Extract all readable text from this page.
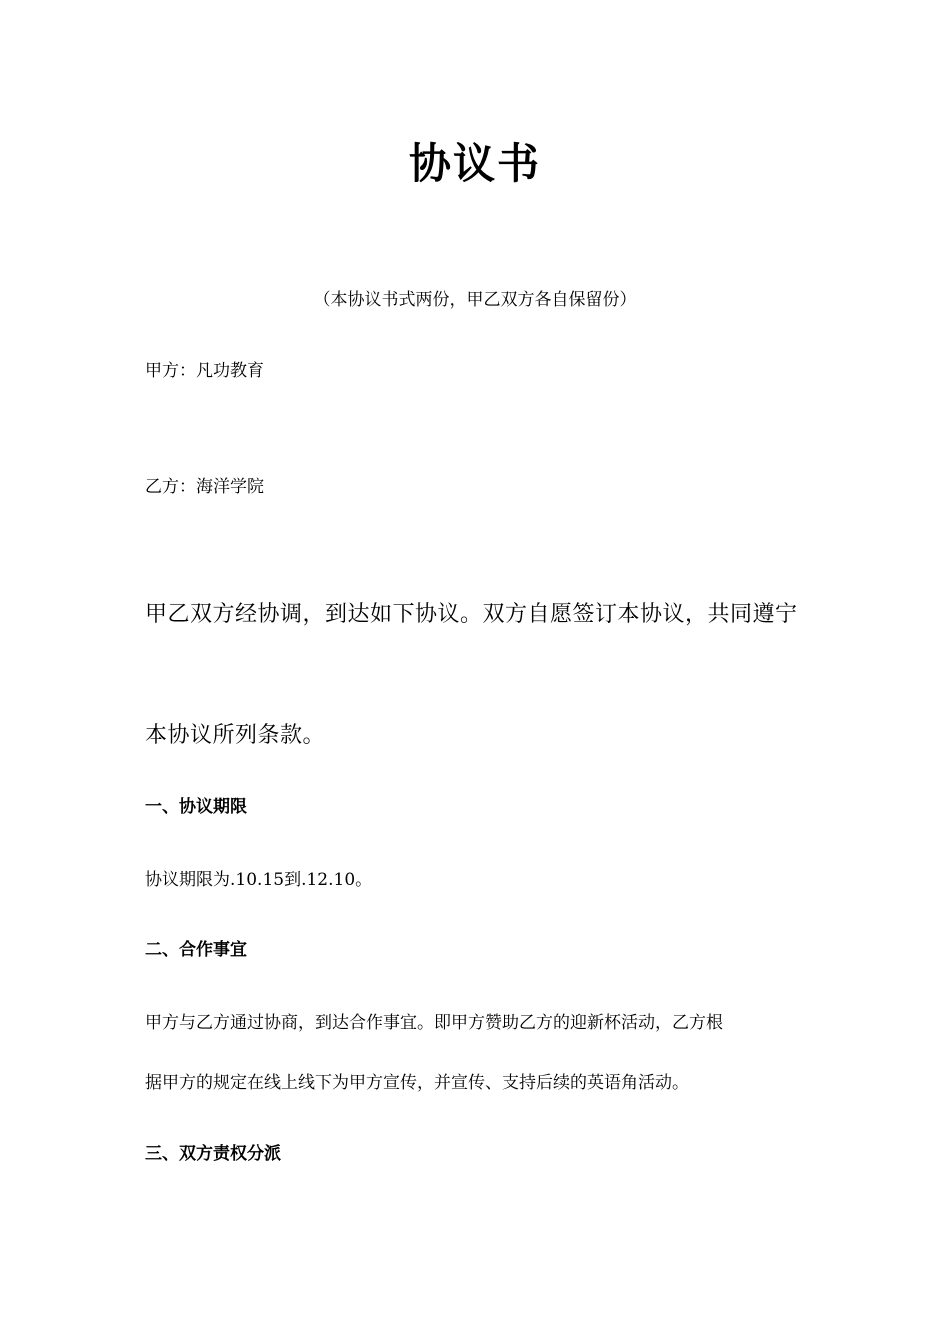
协议书
（本协议书式两份，甲乙双方各自保留份）
甲方：凡功教育
乙方：海洋学院
甲乙双方经协调，到达如下协议。双方自愿签订本协议，共同遵宁
本协议所列条款。
一、协议期限
协议期限为.10.15到.12.10。
二、合作事宜
甲方与乙方通过协商，到达合作事宜。即甲方赞助乙方的迎新杯活动，乙方根
据甲方的规定在线上线下为甲方宣传，并宣传、支持后续的英语角活动。
三、双方责权分派
